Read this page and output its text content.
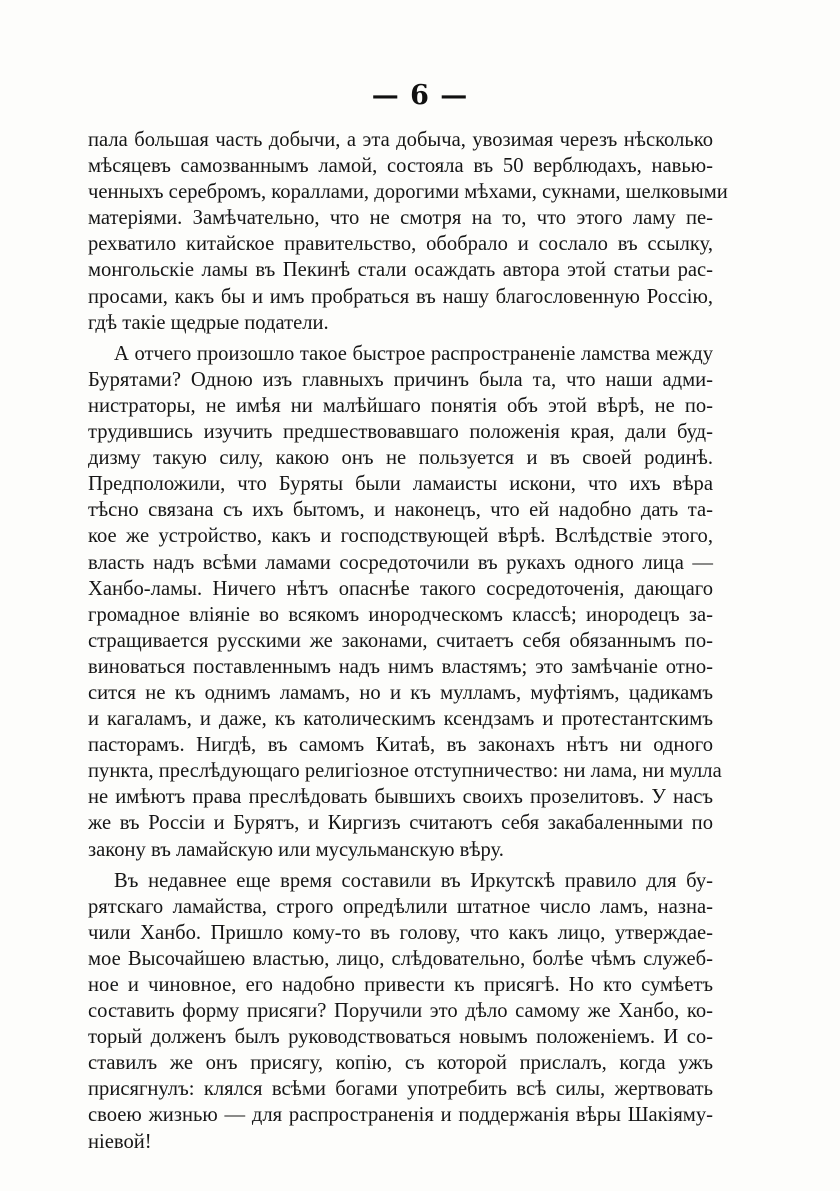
— 6 —
пала большая часть добычи, а эта добыча, увозимая черезъ нѣсколько
мѣсяцевъ самозваннымъ ламой, состояла въ 50 верблюдахъ, навью-
ченныхъ серебромъ, кораллами, дорогими мѣхами, сукнами, шелковыми
матеріями. Замѣчательно, что не смотря на то, что этого ламу пе-
рехватило китайское правительство, обобрало и сослало въ ссылку,
монгольскіе ламы въ Пекинѣ стали осаждать автора этой статьи рас-
просами, какъ бы и имъ пробраться въ нашу благословенную Россію,
гдѣ такіе щедрые податели.
А отчего произошло такое быстрое распространеніе ламства между
Бурятами? Одною изъ главныхъ причинъ была та, что наши адми-
нистраторы, не имѣя ни малѣйшаго понятія объ этой вѣрѣ, не по-
трудившись изучить предшествовавшаго положенія края, дали буд-
дизму такую силу, какою онъ не пользуется и въ своей родинѣ.
Предположили, что Буряты были ламаисты искони, что ихъ вѣра
тѣсно связана съ ихъ бытомъ, и наконецъ, что ей надобно дать та-
кое же устройство, какъ и господствующей вѣрѣ. Вслѣдствіе этого,
власть надъ всѣми ламами сосредоточили въ рукахъ одного лица —
Ханбо-ламы. Ничего нѣтъ опаснѣе такого сосредоточенія, дающаго
громадное вліяніе во всякомъ инородческомъ классѣ; инородецъ за-
стращивается русскими же законами, считаетъ себя обязаннымъ по-
виноваться поставленнымъ надъ нимъ властямъ; это замѣчаніе отно-
сится не къ однимъ ламамъ, но и къ мулламъ, муфтіямъ, цадикамъ
и кагаламъ, и даже, къ католическимъ ксендзамъ и протестантскимъ
пасторамъ. Нигдѣ, въ самомъ Китаѣ, въ законахъ нѣтъ ни одного
пункта, преслѣдующаго религіозное отступничество: ни лама, ни мулла
не имѣютъ права преслѣдовать бывшихъ своихъ прозелитовъ. У насъ
же въ Россіи и Бурятъ, и Киргизъ считаютъ себя закабаленными по
закону въ ламайскую или мусульманскую вѣру.
Въ недавнее еще время составили въ Иркутскѣ правило для бу-
рятскаго ламайства, строго опредѣлили штатное число ламъ, назна-
чили Ханбо. Пришло кому-то въ голову, что какъ лицо, утверждае-
мое Высочайшею властью, лицо, слѣдовательно, болѣе чѣмъ служеб-
ное и чиновное, его надобно привести къ присягѣ. Но кто сумѣетъ
составить форму присяги? Поручили это дѣло самому же Ханбо, ко-
торый долженъ былъ руководствоваться новымъ положеніемъ. И со-
ставилъ же онъ присягу, копію, съ которой прислалъ, когда ужъ
присягнулъ: клялся всѣми богами употребить всѣ силы, жертвовать
своею жизнью — для распространенія и поддержанія вѣры Шакіяму-
ніевой!
